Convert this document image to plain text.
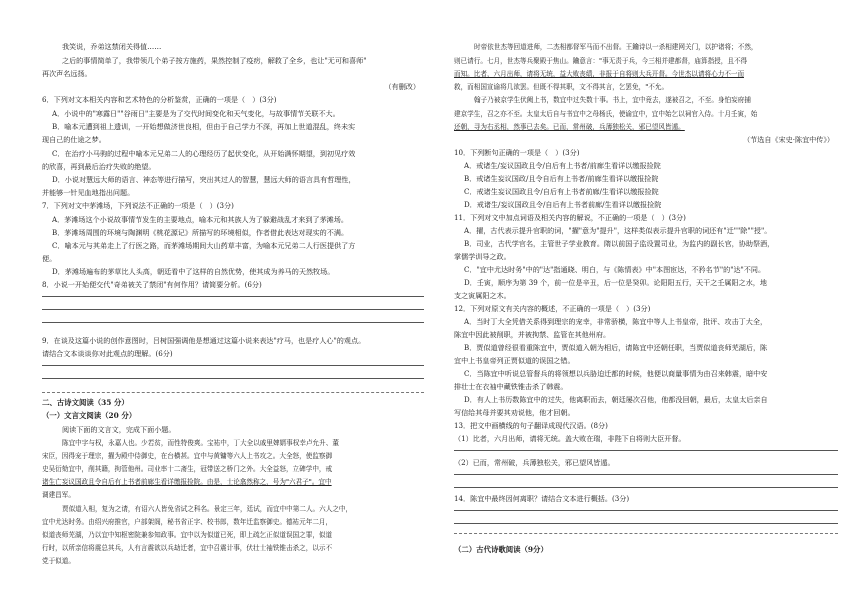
我笑说，乔弟这禁闭关得值……
之后的事情简单了，我带领几个弟子按方施药，果然控制了疫疠，解救了全乡，也让"无可和喜师"
再次声名远扬。
（有删改）
6．下列对文本相关内容和艺术特色的分析鉴赏，正确的一项是（　）(3分)
A．小说中的"寒露日""谷雨日"主要是为了交代时间变化和天气变化，与故事情节关联不大。
B．喻本元遭到祖上遗训，一开始想做济世良相，但由于自己学力不深，再加上世道混乱，终未实
现自己的仕途之梦。
C．在治疗小马驹的过程中喻本元兄弟二人的心理经历了起伏变化，从开始满怀期望，到初见疗效
的欣喜，再到最后治疗失败的绝望。
D．小说对慧远大师的语言、神态等进行描写，突出其过人的智慧，慧远大师的语言具有哲理性，
并能够一针见血地指出问题。
7．下列对文中茅滩场，下列说法不正确的一项是（　）(3分)
A．茅滩场这个小说故事情节发生的主要地点，喻本元和其族人为了躲避战乱才来到了茅滩场。
B．茅滩场周围的环境与陶渊明《桃花源记》所描写的环境相似，作者借此表达对现实的不满。
C．喻本元与其弟走上了行医之路，而茅滩场期间大山药草丰富，为喻本元兄弟二人行医提供了方
便。
D．茅滩场遍布的茅草比人头高，朝廷看中了这样的自然优势，使其成为养马的天然牧场。
8．小说一开始便交代"奇弟被关了禁闭"有何作用？请简要分析。(6分)
9．在谈及这篇小说的创作意图时，吕树国强调他是想通过这篇小说来表达"疗马，也是疗人心"的观点。
请结合文本谈谈你对此观点的理解。(6分)
二、古诗文阅读（35 分）
（一）文言文阅读（20 分）
阅读下面的文言文，完成下面小题。
陈宜中字与权，永嘉人也。少若贫，而性特俊爽。宝祐中，丁大全以戚里婢婿事权幸卢允升、董
宋臣，因得宠于理宗，擢为殿中侍御史，在台横甚。宜中与黄镛等六人上书攻之。大全怒，使监察御
史吴衍劾宜中，削其籍，拘管他州。司业率十二斋生，冠带送之桥门之外。大全益怒，立碑学中，戒
诸生亡妄议国政且令自后有上书者前廊生看详缴报捡院。由是，士论翕然称之，号为"六君子"。宜中
调建昌军。
贾似道入相，复为之请，有诏六人皆免省试之科名。景定三年，廷试，而宜中中第二人。六人之中，
宜中尤达时务。由绍兴府推官，户部架阁，秘书省正字、校书郎，数年迁监察御史。德祐元年二月，
似道丧师芜湖，乃以宜中知枢密院兼参知政事。宜中以为似道已死，即上疏乞正似道误国之罪，似道
行时，以所亲信将震总其兵，人有言震欲以兵劫迁者，宜中召震计事，伏壮士袖铁锥击杀之，以示不
党于似道。
时帝依世杰等回道进师，二杰相都督军马而不出督。王鑰诗以一杀相建网关门，以护诸将；不然，
则已请行。七月，世杰等兵聚殿于焦山。鑰意言："事无责于兵，今三相并建都督，庙算指授，且不得
而知。比者，六月出师，请将无统，益大败丧绩，非报于自将则大兵开督。今世杰以请将心力不一而
救，而相国宣谕将几欲罢。但既不得其职，文不得其言，乞罢免，"不允。
翰子乃被京学生伏阙上书，数宜中过失数十事。书上，宜中竟去，遂被召之，不至。身怕妄府捕
建京学生，召之亦不至。太皇太后自与书宜中之母杨氏，使谕宜中，宜中始乞以祠官入侍。十月壬寅，始
还朝，寻为右丞相，然事已去矣。已而，常州破，兵薄独松关，邪已望风皆遁。
（节选自《宋史·陈宜中传》）
10．下列断句正确的一项是（　）(3分)
A．戒诸生/妄议国政且令/自后有上书者/前廊生看详以缴报捡院
B．戒诸生妄议国政/且令自后有上书者/前廊生看详以缴报捡院
C．戒诸生妄议国政且令/自后有上书者前廊/生看详以缴报捡院
D．戒诸生/妄议国政且令/自后有上书者前廊/生看详以缴报捡院
11．下列对文中加点词语及相关内容的解说，不正确的一项是（　）(3分)
A．擢，古代表示提升官职的词，"擢"意为"提升"，这样类似表示提升官职的词还有"迁""除""授"。
B．司业，古代学官名，主管世子学业教育。隋以前国子监设置司业，为监内的副长官，协助祭酒，
掌儒学训导之政。
C．"宜中尤达时务"中的"达"指通晓、明白，与《陈情表》中"本图宦达，不矜名节"的"达"不同。
D．壬寅，顺序为第 39 个，前一位是辛丑，后一位是癸卯。论阳阳五行，天干之壬属阳之水，地
支之寅属阳之木。
12．下列对原文有关内容的概述，不正确的一项是（　）(3分)
A．当时丁大全凭借关系得到理宗的宠幸，非常骄横，陈宜中等人上书皇帝，批评、攻击丁大全，
陈宜中因此被削职，并被拘禁、监管在其他州府。
B．贾似道曾经很看重陈宜中，贾似道入朝为相后，请陈宜中还朝任职，当贾似道丧师芜湖后，陈
宜中上书皇帝列正贾似道的误国之错。
C．当陈宜中听说总管督兵的将领想以兵胁迫迁都的时候，他便以商量事情为由召来韩震，暗中安
排壮士在衣袖中藏铁锥击杀了韩震。
D．有人上书历数陈宜中的过失，他离职而去，朝廷屡次召他，他都没回朝，最后，太皇太后亲自
写信给其母并要其劝说他，他才回朝。
13．把文中画横线的句子翻译成现代汉语。(8分)
（1）比者，六月出师，请将无统。盖大败在瑞，非陛下自将则大臣开督。
（2）已而，常州破，兵薄独松关，邪已望风皆遁。
14．陈宜中最终因何离职？请结合文本进行概括。(3分)
（二）古代诗歌阅读（9分）
